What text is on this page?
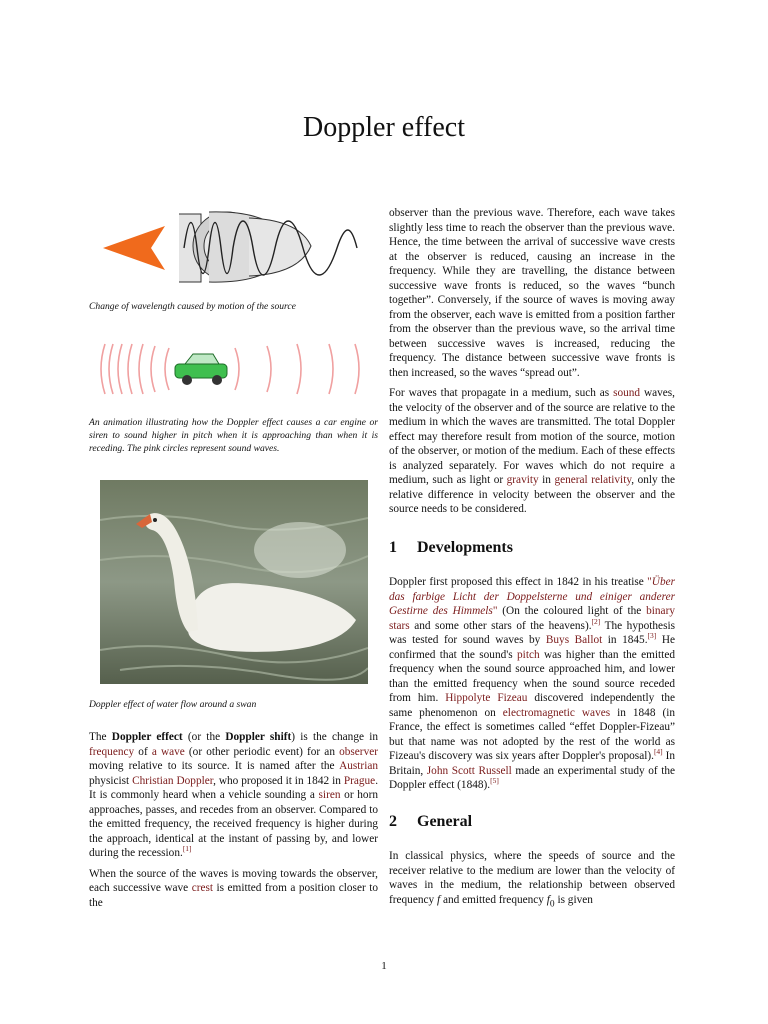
Doppler effect

Change of wavelength caused by motion of the source

An animation illustrating how the Doppler effect causes a car engine or siren to sound higher in pitch when it is approaching than when it is receding. The pink circles represent sound waves.

Doppler effect of water flow around a swan

The Doppler effect (or the Doppler shift) is the change in frequency of a wave (or other periodic event) for an observer moving relative to its source. It is named after the Austrian physicist Christian Doppler, who proposed it in 1842 in Prague. It is commonly heard when a vehicle sounding a siren or horn approaches, passes, and recedes from an observer. Compared to the emitted frequency, the received frequency is higher during the approach, identical at the instant of passing by, and lower during the recession.[1]

When the source of the waves is moving towards the observer, each successive wave crest is emitted from a position closer to the

observer than the previous wave. Therefore, each wave takes slightly less time to reach the observer than the previous wave. Hence, the time between the arrival of successive wave crests at the observer is reduced, causing an increase in the frequency. While they are travelling, the distance between successive wave fronts is reduced, so the waves “bunch together”. Conversely, if the source of waves is moving away from the observer, each wave is emitted from a position farther from the observer than the previous wave, so the arrival time between successive waves is increased, reducing the frequency. The distance between successive wave fronts is then increased, so the waves “spread out”.

For waves that propagate in a medium, such as sound waves, the velocity of the observer and of the source are relative to the medium in which the waves are transmitted. The total Doppler effect may therefore result from motion of the source, motion of the observer, or motion of the medium. Each of these effects is analyzed separately. For waves which do not require a medium, such as light or gravity in general relativity, only the relative difference in velocity between the observer and the source needs to be considered.

1 Developments

Doppler first proposed this effect in 1842 in his treatise "Über das farbige Licht der Doppelsterne und einiger anderer Gestirne des Himmels" (On the coloured light of the binary stars and some other stars of the heavens).[2] The hypothesis was tested for sound waves by Buys Ballot in 1845.[3] He confirmed that the sound's pitch was higher than the emitted frequency when the sound source approached him, and lower than the emitted frequency when the sound source receded from him. Hippolyte Fizeau discovered independently the same phenomenon on electromagnetic waves in 1848 (in France, the effect is sometimes called “effet Doppler-Fizeau” but that name was not adopted by the rest of the world as Fizeau's discovery was six years after Doppler's proposal).[4] In Britain, John Scott Russell made an experimental study of the Doppler effect (1848).[5]

2 General

In classical physics, where the speeds of source and the receiver relative to the medium are lower than the velocity of waves in the medium, the relationship between observed frequency f and emitted frequency $f_0$ is given

1
